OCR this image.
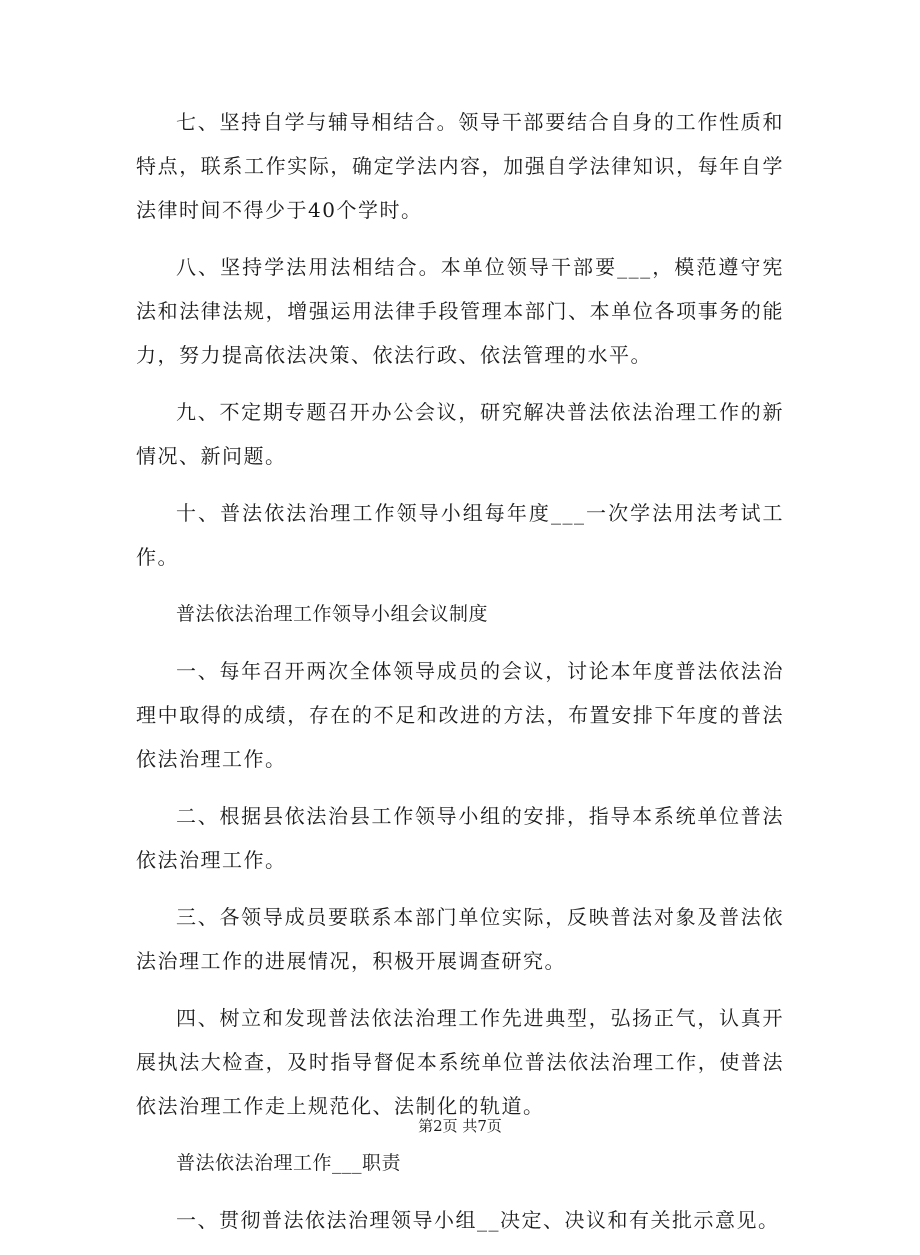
七、坚持自学与辅导相结合。领导干部要结合自身的工作性质和特点，联系工作实际，确定学法内容，加强自学法律知识，每年自学法律时间不得少于40个学时。

八、坚持学法用法相结合。本单位领导干部要___，模范遵守宪法和法律法规，增强运用法律手段管理本部门、本单位各项事务的能力，努力提高依法决策、依法行政、依法管理的水平。

九、不定期专题召开办公会议，研究解决普法依法治理工作的新情况、新问题。

十、普法依法治理工作领导小组每年度___一次学法用法考试工作。

普法依法治理工作领导小组会议制度

一、每年召开两次全体领导成员的会议，讨论本年度普法依法治理中取得的成绩，存在的不足和改进的方法，布置安排下年度的普法依法治理工作。

二、根据县依法治县工作领导小组的安排，指导本系统单位普法依法治理工作。

三、各领导成员要联系本部门单位实际，反映普法对象及普法依法治理工作的进展情况，积极开展调查研究。

四、树立和发现普法依法治理工作先进典型，弘扬正气，认真开展执法大检查，及时指导督促本系统单位普法依法治理工作，使普法依法治理工作走上规范化、法制化的轨道。

普法依法治理工作___职责

一、贯彻普法依法治理领导小组__决定、决议和有关批示意见。

第2页 共7页
